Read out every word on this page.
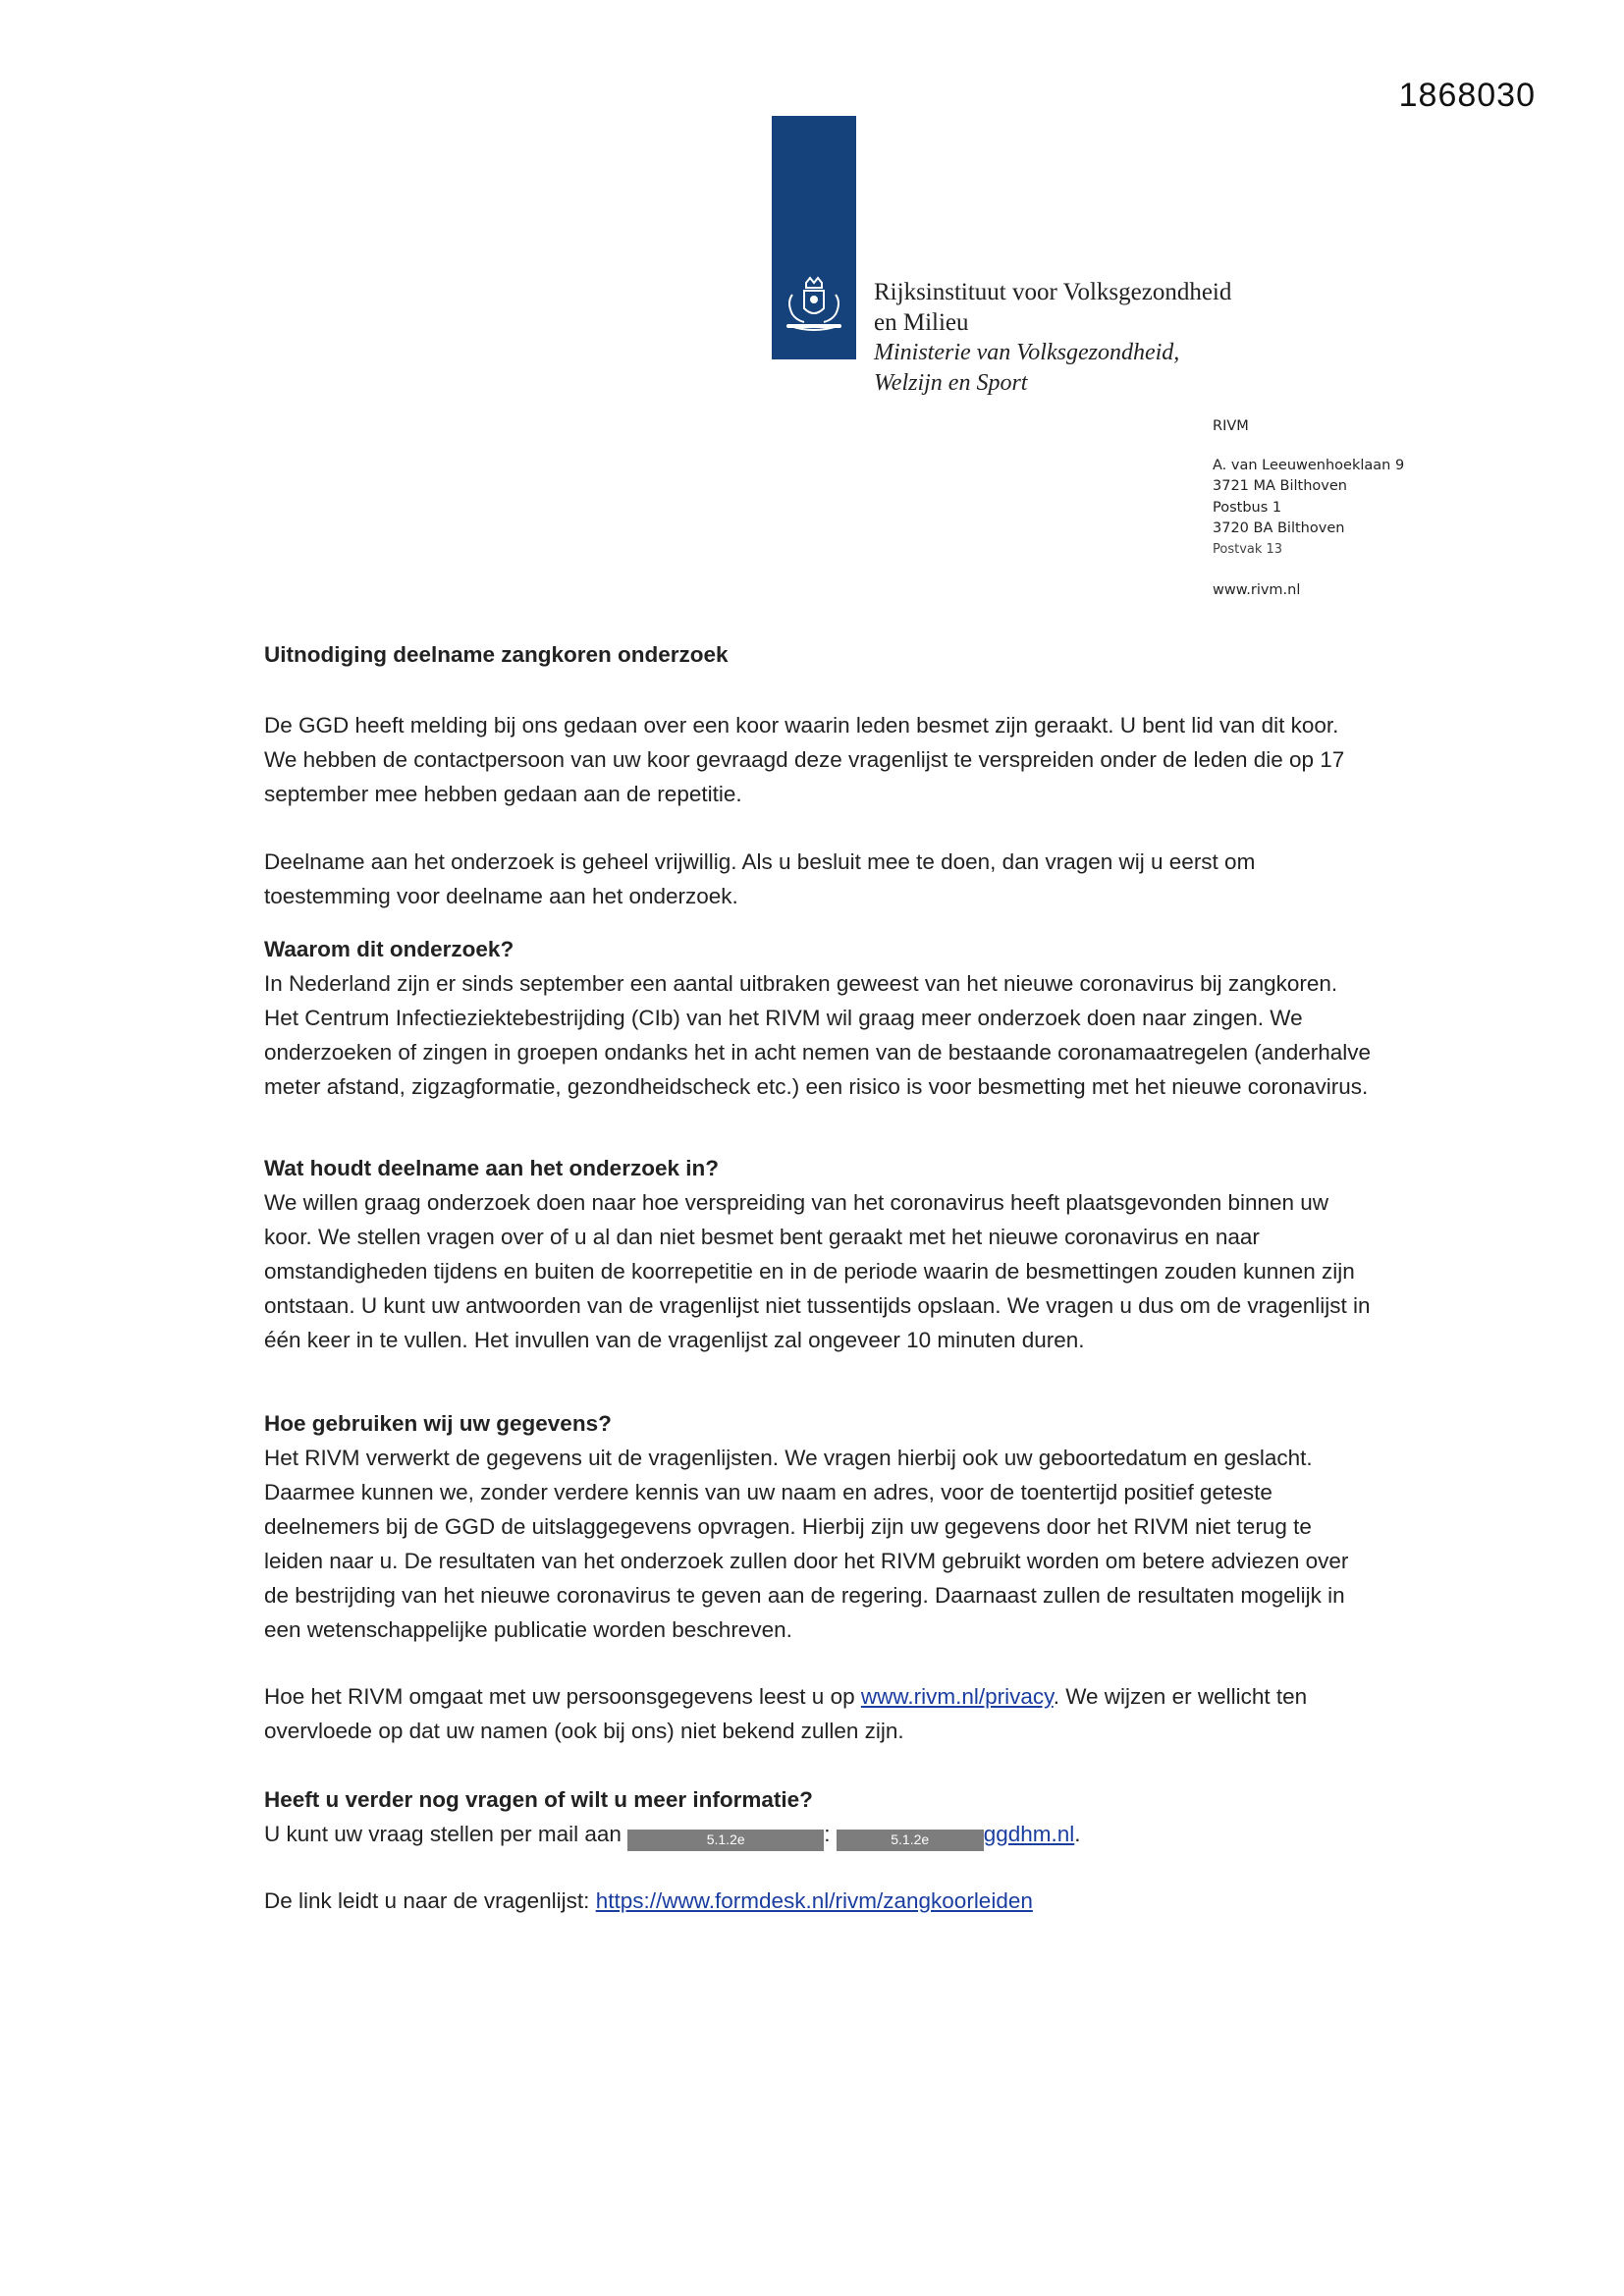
1868030
Rijksinstituut voor Volksgezondheid
en Milieu
Ministerie van Volksgezondheid,
Welzijn en Sport
RIVM
A. van Leeuwenhoeklaan 9
3721 MA Bilthoven
Postbus 1
3720 BA Bilthoven
Postvak 13
www.rivm.nl

Uitnodiging deelname zangkoren onderzoek

De GGD heeft melding bij ons gedaan over een koor waarin leden besmet zijn geraakt. U bent lid van dit koor. We hebben de contactpersoon van uw koor gevraagd deze vragenlijst te verspreiden onder de leden die op 17 september mee hebben gedaan aan de repetitie.

Deelname aan het onderzoek is geheel vrijwillig. Als u besluit mee te doen, dan vragen wij u eerst om toestemming voor deelname aan het onderzoek.

Waarom dit onderzoek?

In Nederland zijn er sinds september een aantal uitbraken geweest van het nieuwe coronavirus bij zangkoren. Het Centrum Infectieziektebestrijding (CIb) van het RIVM wil graag meer onderzoek doen naar zingen. We onderzoeken of zingen in groepen ondanks het in acht nemen van de bestaande coronamaatregelen (anderhalve meter afstand, zigzagformatie, gezondheidscheck etc.) een risico is voor besmetting met het nieuwe coronavirus.

Wat houdt deelname aan het onderzoek in?

We willen graag onderzoek doen naar hoe verspreiding van het coronavirus heeft plaatsgevonden binnen uw koor. We stellen vragen over of u al dan niet besmet bent geraakt met het nieuwe coronavirus en naar omstandigheden tijdens en buiten de koorrepetitie en in de periode waarin de besmettingen zouden kunnen zijn ontstaan. U kunt uw antwoorden van de vragenlijst niet tussentijds opslaan. We vragen u dus om de vragenlijst in één keer in te vullen. Het invullen van de vragenlijst zal ongeveer 10 minuten duren.

Hoe gebruiken wij uw gegevens?

Het RIVM verwerkt de gegevens uit de vragenlijsten. We vragen hierbij ook uw geboortedatum en geslacht. Daarmee kunnen we, zonder verdere kennis van uw naam en adres, voor de toentertijd positief geteste deelnemers bij de GGD de uitslaggegevens opvragen. Hierbij zijn uw gegevens door het RIVM niet terug te leiden naar u. De resultaten van het onderzoek zullen door het RIVM gebruikt worden om betere adviezen over de bestrijding van het nieuwe coronavirus te geven aan de regering. Daarnaast zullen de resultaten mogelijk in een wetenschappelijke publicatie worden beschreven.

Hoe het RIVM omgaat met uw persoonsgegevens leest u op www.rivm.nl/privacy. We wijzen er wellicht ten overvloede op dat uw namen (ook bij ons) niet bekend zullen zijn.

Heeft u verder nog vragen of wilt u meer informatie?

U kunt uw vraag stellen per mail aan	5.1.2e	:	5.1.2e ggdhm.nl.

De link leidt u naar de vragenlijst: https://www.formdesk.nl/rivm/zangkoorleiden
